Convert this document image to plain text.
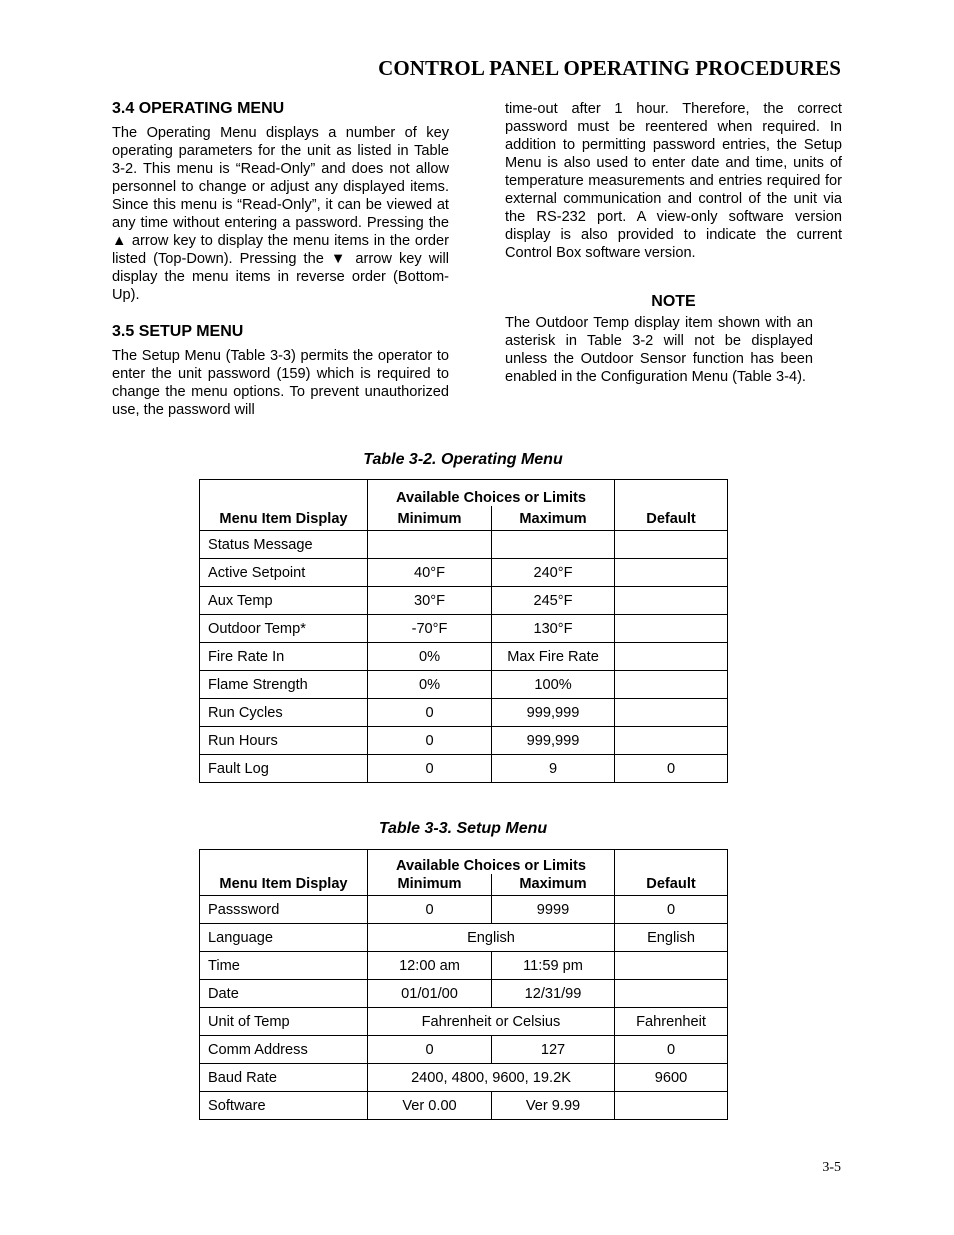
CONTROL PANEL OPERATING PROCEDURES
3.4 OPERATING MENU

The Operating Menu displays a number of key operating parameters for the unit as listed in Table 3-2. This menu is “Read-Only” and does not allow personnel to change or adjust any displayed items. Since this menu is “Read-Only”, it can be viewed at any time without entering a password. Pressing the ▲ arrow key to display the menu items in the order listed (Top-Down). Pressing the ▼ arrow key will display the menu items in reverse order (Bottom-Up).

3.5 SETUP MENU

The Setup Menu (Table 3-3) permits the operator to enter the unit password (159) which is required to change the menu options. To prevent unauthorized use, the password will

time-out after 1 hour. Therefore, the correct password must be reentered when required. In addition to permitting password entries, the Setup Menu is also used to enter date and time, units of temperature measurements and entries required for external communication and control of the unit via the RS-232 port. A view-only software version display is also provided to indicate the current Control Box software version.

NOTE

The Outdoor Temp display item shown with an asterisk in Table 3-2 will not be displayed unless the Outdoor Sensor function has been enabled in the Configuration Menu (Table 3-4).

Table 3-2. Operating Menu
Menu Item Display	Available Choices or Limits		Default
	Minimum	Maximum	
Status Message			
Active Setpoint	40°F	240°F	
Aux Temp	30°F	245°F	
Outdoor Temp*	-70°F	130°F	
Fire Rate In	0%	Max Fire Rate	
Flame Strength	0%	100%	
Run Cycles	0	999,999	
Run Hours	0	999,999	
Fault Log	0	9	0
Table 3-3. Setup Menu
Menu Item Display	Available Choices or Limits		Default
	Minimum	Maximum	
Passsword	0	9999	0
Language	English		English
Time	12:00 am	11:59 pm	
Date	01/01/00	12/31/99	
Unit of Temp	Fahrenheit or Celsius		Fahrenheit
Comm Address	0	127	0
Baud Rate	2400, 4800, 9600, 19.2K		9600
Software	Ver 0.00	Ver 9.99	
3-5
